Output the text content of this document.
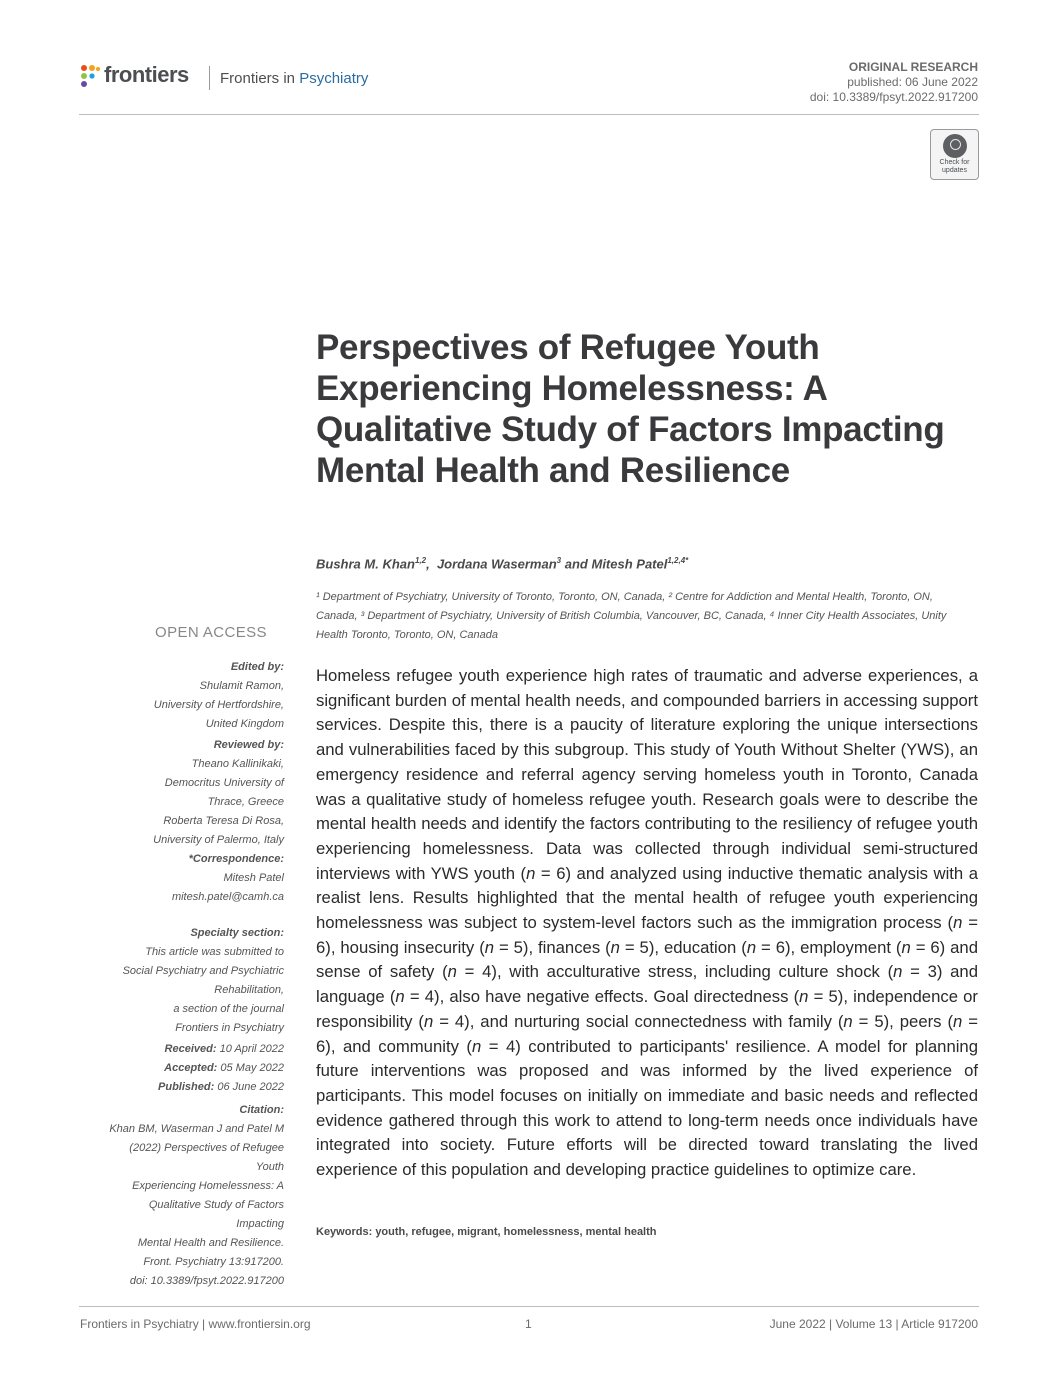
frontiers Frontiers in Psychiatry
ORIGINAL RESEARCH
published: 06 June 2022
doi: 10.3389/fpsyt.2022.917200
Check for updates
Perspectives of Refugee Youth Experiencing Homelessness: A Qualitative Study of Factors Impacting Mental Health and Resilience
Bushra M. Khan$^{1,2}$, Jordana Waserman$^3$ and Mitesh Patel$^{1,2,4*}$
¹ Department of Psychiatry, University of Toronto, Toronto, ON, Canada, ² Centre for Addiction and Mental Health, Toronto, ON, Canada, ³ Department of Psychiatry, University of British Columbia, Vancouver, BC, Canada, ⁴ Inner City Health Associates, Unity Health Toronto, Toronto, ON, Canada
OPEN ACCESS

Edited by:

Shulamit Ramon,

University of Hertfordshire,

United Kingdom

Reviewed by:

Theano Kallinikaki,

Democritus University of

Thrace, Greece

Roberta Teresa Di Rosa,

University of Palermo, Italy

*Correspondence:

Mitesh Patel

mitesh.patel@camh.ca

Specialty section:

This article was submitted to

Social Psychiatry and Psychiatric

Rehabilitation,

a section of the journal

Frontiers in Psychiatry

Received: 10 April 2022

Accepted: 05 May 2022

Published: 06 June 2022

Citation:

Khan BM, Waserman J and Patel M

(2022) Perspectives of Refugee Youth

Experiencing Homelessness: A

Qualitative Study of Factors Impacting

Mental Health and Resilience.

Front. Psychiatry 13:917200.

doi: 10.3389/fpsyt.2022.917200

Homeless refugee youth experience high rates of traumatic and adverse experiences, a significant burden of mental health needs, and compounded barriers in accessing support services. Despite this, there is a paucity of literature exploring the unique intersections and vulnerabilities faced by this subgroup. This study of Youth Without Shelter (YWS), an emergency residence and referral agency serving homeless youth in Toronto, Canada was a qualitative study of homeless refugee youth. Research goals were to describe the mental health needs and identify the factors contributing to the resiliency of refugee youth experiencing homelessness. Data was collected through individual semi-structured interviews with YWS youth (n = 6) and analyzed using inductive thematic analysis with a realist lens. Results highlighted that the mental health of refugee youth experiencing homelessness was subject to system-level factors such as the immigration process (n = 6), housing insecurity (n = 5), finances (n = 5), education (n = 6), employment (n = 6) and sense of safety (n = 4), with acculturative stress, including culture shock (n = 3) and language (n = 4), also have negative effects. Goal directedness (n = 5), independence or responsibility (n = 4), and nurturing social connectedness with family (n = 5), peers (n = 6), and community (n = 4) contributed to participants' resilience. A model for planning future interventions was proposed and was informed by the lived experience of participants. This model focuses on initially on immediate and basic needs and reflected evidence gathered through this work to attend to long-term needs once individuals have integrated into society. Future efforts will be directed toward translating the lived experience of this population and developing practice guidelines to optimize care.
Keywords: youth, refugee, migrant, homelessness, mental health
Frontiers in Psychiatry | www.frontiersin.org	1	June 2022 | Volume 13 | Article 917200
